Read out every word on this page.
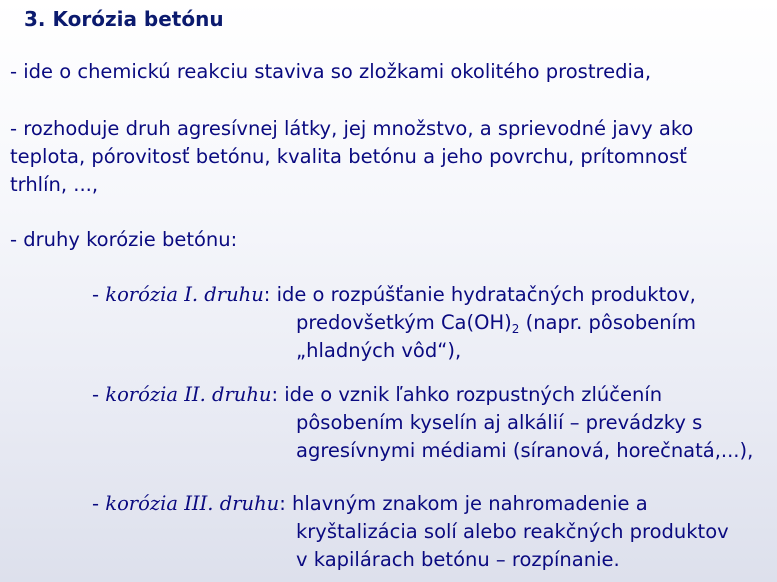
3. Korózia betónu
- ide o chemickú reakciu staviva so zložkami okolitého prostredia,
- rozhoduje druh agresívnej látky, jej množstvo, a sprievodné javy ako
teplota, pórovitosť betónu, kvalita betónu a jeho povrchu, prítomnosť
trhlín, ...,
- druhy korózie betónu:
- korózia I. druhu: ide o rozpúšťanie hydratačných produktov,
predovšetkým $Ca(OH)_2$ (napr. pôsobením
„hladných vôd“),
- korózia II. druhu: ide o vznik ľahko rozpustných zlúčenín
pôsobením kyselín aj alkálií – prevádzky s
agresívnymi médiami (síranová, horečnatá,...),
- korózia III. druhu: hlavným znakom je nahromadenie a
kryštalizácia solí alebo reakčných produktov
v kapilárach betónu – rozpínanie.
